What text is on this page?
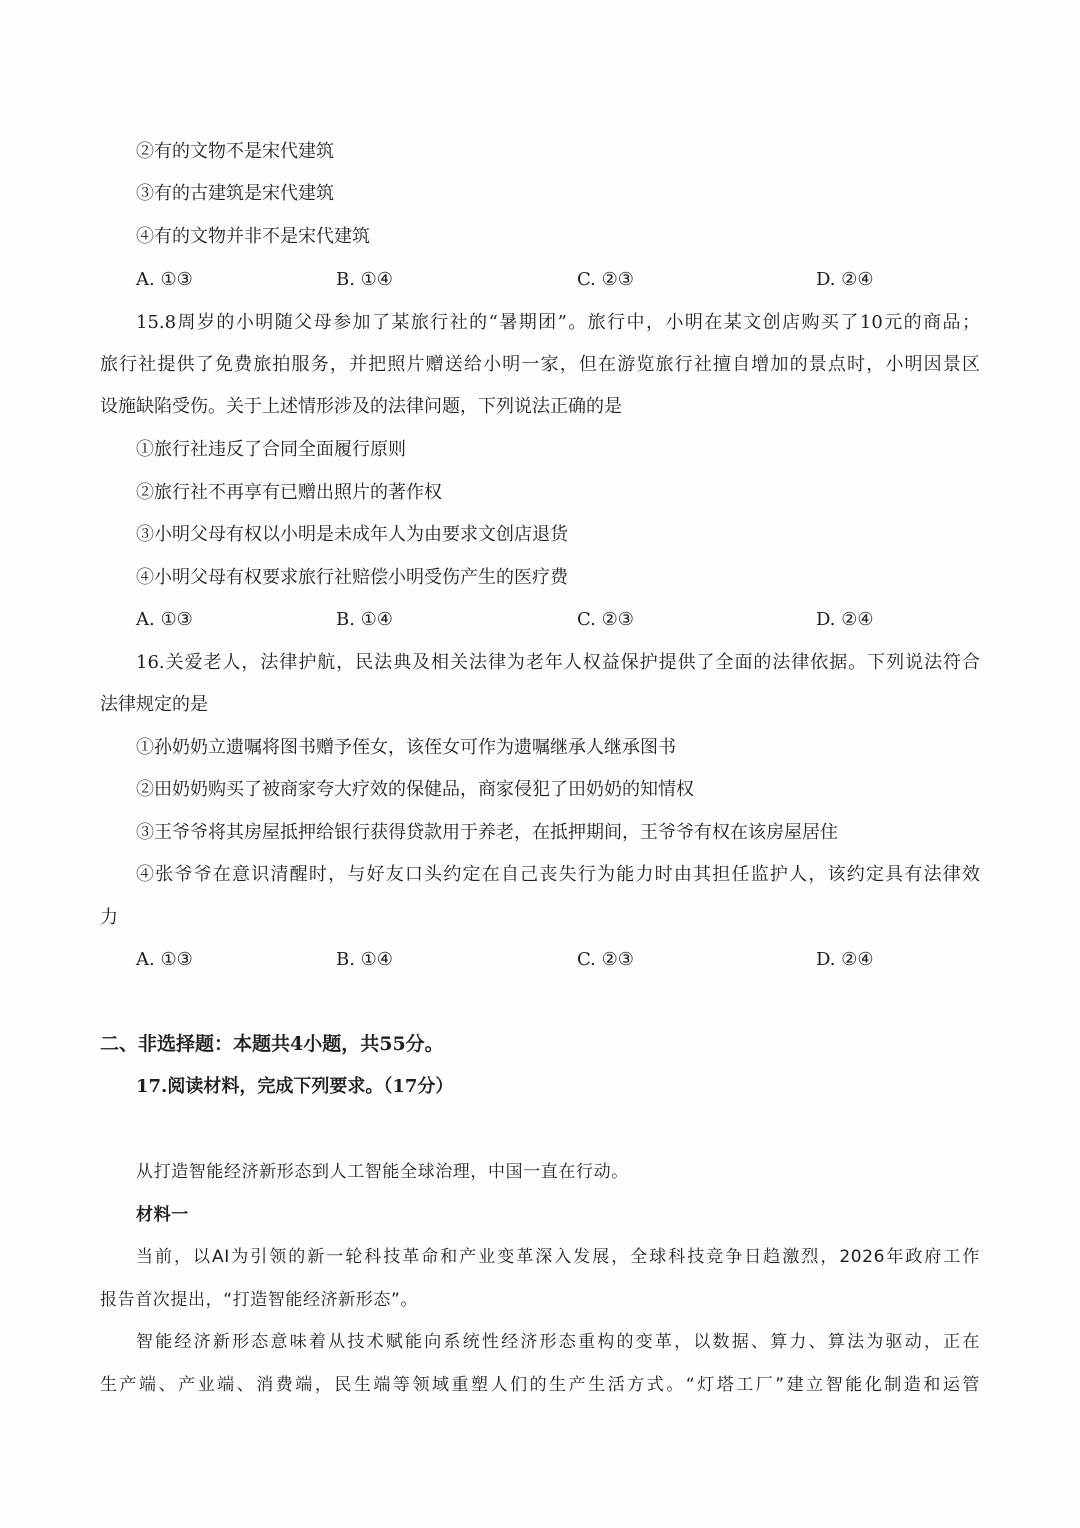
②有的文物不是宋代建筑
③有的古建筑是宋代建筑
④有的文物并非不是宋代建筑
A. ①③	B. ①④	C. ②③	D. ②④
15.8周岁的小明随父母参加了某旅行社的“暑期团”。旅行中，小明在某文创店购买了10元的商品；
旅行社提供了免费旅拍服务，并把照片赠送给小明一家，但在游览旅行社擅自增加的景点时，小明因景区
设施缺陷受伤。关于上述情形涉及的法律问题，下列说法正确的是
①旅行社违反了合同全面履行原则
②旅行社不再享有已赠出照片的著作权
③小明父母有权以小明是未成年人为由要求文创店退货
④小明父母有权要求旅行社赔偿小明受伤产生的医疗费
A. ①③	B. ①④	C. ②③	D. ②④
16.关爱老人，法律护航，民法典及相关法律为老年人权益保护提供了全面的法律依据。下列说法符合
法律规定的是
①孙奶奶立遗嘱将图书赠予侄女，该侄女可作为遗嘱继承人继承图书
②田奶奶购买了被商家夸大疗效的保健品，商家侵犯了田奶奶的知情权
③王爷爷将其房屋抵押给银行获得贷款用于养老，在抵押期间，王爷爷有权在该房屋居住
④张爷爷在意识清醒时，与好友口头约定在自己丧失行为能力时由其担任监护人，该约定具有法律效
力
A. ①③	B. ①④	C. ②③	D. ②④
二、非选择题：本题共4小题，共55分。
17.阅读材料，完成下列要求。（17分）
从打造智能经济新形态到人工智能全球治理，中国一直在行动。
材料一
当前，以AI为引领的新一轮科技革命和产业变革深入发展，全球科技竞争日趋激烈，2026年政府工作
报告首次提出，“打造智能经济新形态”。
智能经济新形态意味着从技术赋能向系统性经济形态重构的变革，以数据、算力、算法为驱动，正在
生产端、产业端、消费端，民生端等领域重塑人们的生产生活方式。“灯塔工厂”建立智能化制造和运管
